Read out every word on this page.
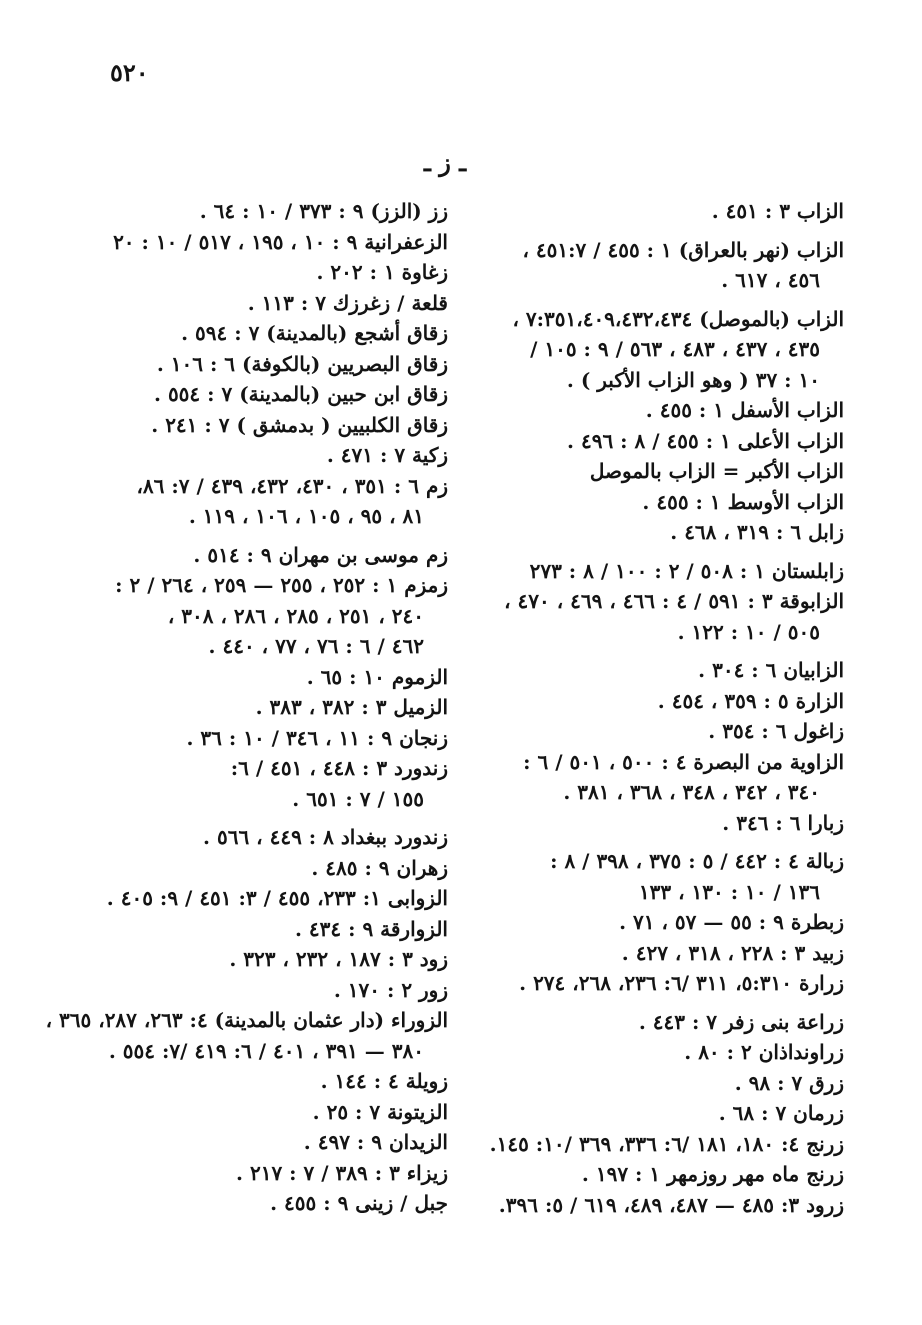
٥٢٠
ـ ز ـ
الزاب ٣ : ٤٥١ .
الزاب (نهر بالعراق) ١ : ٤٥٥ / ٤٥١:٧ ،
٤٥٦ ، ٦١٧ .
الزاب (بالموصل) ٧:٣٥١،٤٠٩،٤٣٢،٤٣٤ ،
٤٣٥ ، ٤٣٧ ، ٤٨٣ ، ٥٦٣ / ٩ : ١٠٥ /
١٠ : ٣٧ ( وهو الزاب الأكبر ) .
الزاب الأسفل ١ : ٤٥٥ .
الزاب الأعلى ١ : ٤٥٥ / ٨ : ٤٩٦ .
الزاب الأكبر = الزاب بالموصل
الزاب الأوسط ١ : ٤٥٥ .
زابل ٦ : ٣١٩ ، ٤٦٨ .
زابلستان ١ : ٥٠٨ / ٢ : ١٠٠ / ٨ : ٢٧٣
الزابوقة ٣ : ٥٩١ / ٤ : ٤٦٦ ، ٤٦٩ ، ٤٧٠ ،
٥٠٥ / ١٠ : ١٢٢ .
الزابيان ٦ : ٣٠٤ .
الزارة ٥ : ٣٥٩ ، ٤٥٤ .
زاغول ٦ : ٣٥٤ .
الزاوية من البصرة ٤ : ٥٠٠ ، ٥٠١ / ٦ :
٣٤٠ ، ٣٤٢ ، ٣٤٨ ، ٣٦٨ ، ٣٨١ .
زبارا ٦ : ٣٤٦ .
زبالة ٤ : ٤٤٢ / ٥ : ٣٧٥ ، ٣٩٨ / ٨ :
١٣٦ / ١٠ : ١٣٠ ، ١٣٣
زبطرة ٩ : ٥٥ — ٥٧ ، ٧١ .
زبيد ٣ : ٢٢٨ ، ٣١٨ ، ٤٢٧ .
زرارة ٥:٣١٠، ٣١١ /٦: ٢٣٦، ٢٦٨، ٢٧٤ .
زراعة بنى زفر ٧ : ٤٤٣ .
زراونداذان ٢ : ٨٠ .
زرق ٧ : ٩٨ .
زرمان ٧ : ٦٨ .
زرنج ٤: ١٨٠، ١٨١ /٦: ٣٣٦، ٣٦٩ /١٠: ١٤٥.
زرنج ماه مهر روزمهر ١ : ١٩٧ .
زرود ٣: ٤٨٥ — ٤٨٧، ٤٨٩، ٦١٩ / ٥: ٣٩٦.
زز (الزز) ٩ : ٣٧٣ / ١٠ : ٦٤ .
الزعفرانية ٩ : ١٠ ، ١٩٥ ، ٥١٧ / ١٠ : ٢٠
زغاوة ١ : ٢٠٢ .
قلعة / زغرزك ٧ : ١١٣ .
زقاق أشجع (بالمدينة) ٧ : ٥٩٤ .
زقاق البصريين (بالكوفة) ٦ : ١٠٦ .
زقاق ابن حبين (بالمدينة) ٧ : ٥٥٤ .
زقاق الكلبيين ( بدمشق ) ٧ : ٢٤١ .
زكية ٧ : ٤٧١ .
زم ٦ : ٣٥١ ، ٤٣٠، ٤٣٢، ٤٣٩ / ٧: ٨٦،
٨١ ، ٩٥ ، ١٠٥ ، ١٠٦ ، ١١٩ .
زم موسى بن مهران ٩ : ٥١٤ .
زمزم ١ : ٢٥٢ ، ٢٥٥ — ٢٥٩ ، ٢٦٤ / ٢ :
٢٤٠ ، ٢٥١ ، ٢٨٥ ، ٢٨٦ ، ٣٠٨ ،
٤٦٢ / ٦ : ٧٦ ، ٧٧ ، ٤٤٠ .
الزموم ١٠ : ٦٥ .
الزميل ٣ : ٣٨٢ ، ٣٨٣ .
زنجان ٩ : ١١ ، ٣٤٦ / ١٠ : ٣٦ .
زندورد ٣ : ٤٤٨ ، ٤٥١ / ٦:
١٥٥ / ٧ : ٦٥١ .
زندورد ببغداد ٨ : ٤٤٩ ، ٥٦٦ .
زهران ٩ : ٤٨٥ .
الزوابى ١: ٢٣٣، ٤٥٥ / ٣: ٤٥١ / ٩: ٤٠٥ .
الزوارقة ٩ : ٤٣٤ .
زود ٣ : ١٨٧ ، ٢٣٢ ، ٣٢٣ .
زور ٢ : ١٧٠ .
الزوراء (دار عثمان بالمدينة) ٤: ٢٦٣، ٢٨٧، ٣٦٥ ،
٣٨٠ — ٣٩١ ، ٤٠١ / ٦: ٤١٩ /٧: ٥٥٤ .
زويلة ٤ : ١٤٤ .
الزيتونة ٧ : ٢٥ .
الزيدان ٩ : ٤٩٧ .
زيزاء ٣ : ٣٨٩ / ٧ : ٢١٧ .
جبل / زينى ٩ : ٤٥٥ .
